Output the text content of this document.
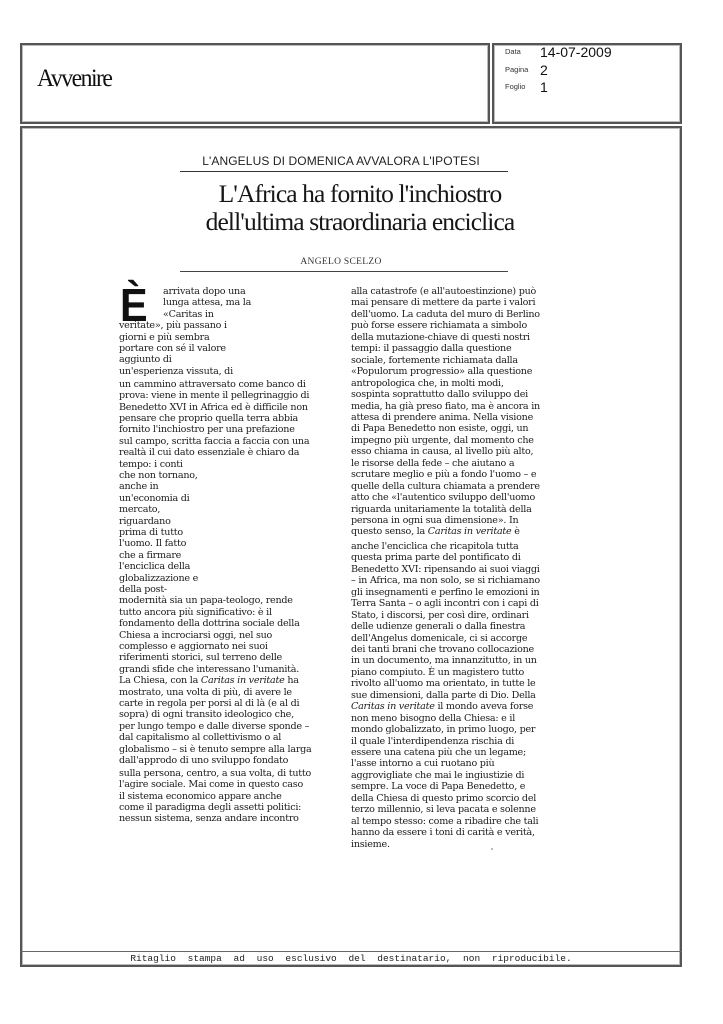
Avvenire
Data 14-07-2009
Pagina 2
Foglio 1
L'ANGELUS DI DOMENICA AVVALORA L'IPOTESI
L'Africa ha fornito l'inchiostro
dell'ultima straordinaria enciclica
ANGELO SCELZO
È arrivata dopo una
lunga attesa, ma la
«Caritas in
veritate», più passano i
giorni e più sembra
portare con sé il valore
aggiunto di
un'esperienza vissuta, di
un cammino attraversato come banco di
prova: viene in mente il pellegrinaggio di
Benedetto XVI in Africa ed è difficile non
pensare che proprio quella terra abbia
fornito l'inchiostro per una prefazione
sul campo, scritta faccia a faccia con una
realtà il cui dato essenziale è chiaro da
tempo: i conti
che non tornano,
anche in
un'economia di
mercato,
riguardano
prima di tutto
l'uomo. Il fatto
che a firmare
l'enciclica della
globalizzazione e
della post-
modernità sia un papa-teologo, rende
tutto ancora più significativo: è il
fondamento della dottrina sociale della
Chiesa a incrociarsi oggi, nel suo
complesso e aggiornato nei suoi
riferimenti storici, sul terreno delle
grandi sfide che interessano l'umanità.
La Chiesa, con la Caritas in veritate ha
mostrato, una volta di più, di avere le
carte in regola per porsi al di là (e al di
sopra) di ogni transito ideologico che,
per lungo tempo e dalle diverse sponde –
dal capitalismo al collettivismo o al
globalismo – si è tenuto sempre alla larga
dall'approdo di uno sviluppo fondato
sulla persona, centro, a sua volta, di tutto
l'agire sociale. Mai come in questo caso
il sistema economico appare anche
come il paradigma degli assetti politici:
nessun sistema, senza andare incontro
alla catastrofe (e all'autoestinzione) può
mai pensare di mettere da parte i valori
dell'uomo. La caduta del muro di Berlino
può forse essere richiamata a simbolo
della mutazione-chiave di questi nostri
tempi: il passaggio dalla questione
sociale, fortemente richiamata dalla
«Populorum progressio» alla questione
antropologica che, in molti modi,
sospinta soprattutto dallo sviluppo dei
media, ha già preso fiato, ma è ancora in
attesa di prendere anima. Nella visione
di Papa Benedetto non esiste, oggi, un
impegno più urgente, dal momento che
esso chiama in causa, al livello più alto,
le risorse della fede – che aiutano a
scrutare meglio e più a fondo l'uomo – e
quelle della cultura chiamata a prendere
atto che «l'autentico sviluppo dell'uomo
riguarda unitariamente la totalità della
persona in ogni sua dimensione». In
questo senso, la Caritas in veritate è
anche l'enciclica che ricapitola tutta
questa prima parte del pontificato di
Benedetto XVI: ripensando ai suoi viaggi
– in Africa, ma non solo, se si richiamano
gli insegnamenti e perfino le emozioni in
Terra Santa – o agli incontri con i capi di
Stato, i discorsi, per così dire, ordinari
delle udienze generali o dalla finestra
dell'Angelus domenicale, ci si accorge
dei tanti brani che trovano collocazione
in un documento, ma innanzitutto, in un
piano compiuto. È un magistero tutto
rivolto all'uomo ma orientato, in tutte le
sue dimensioni, dalla parte di Dio. Della
Caritas in veritate il mondo aveva forse
non meno bisogno della Chiesa: e il
mondo globalizzato, in primo luogo, per
il quale l'interdipendenza rischia di
essere una catena più che un legame;
l'asse intorno a cui ruotano più
aggrovigliate che mai le ingiustizie di
sempre. La voce di Papa Benedetto, e
della Chiesa di questo primo scorcio del
terzo millennio, si leva pacata e solenne
al tempo stesso: come a ribadire che tali
hanno da essere i toni di carità e verità,
insieme.
Ritaglio stampa ad uso esclusivo del destinatario, non riproducibile.
